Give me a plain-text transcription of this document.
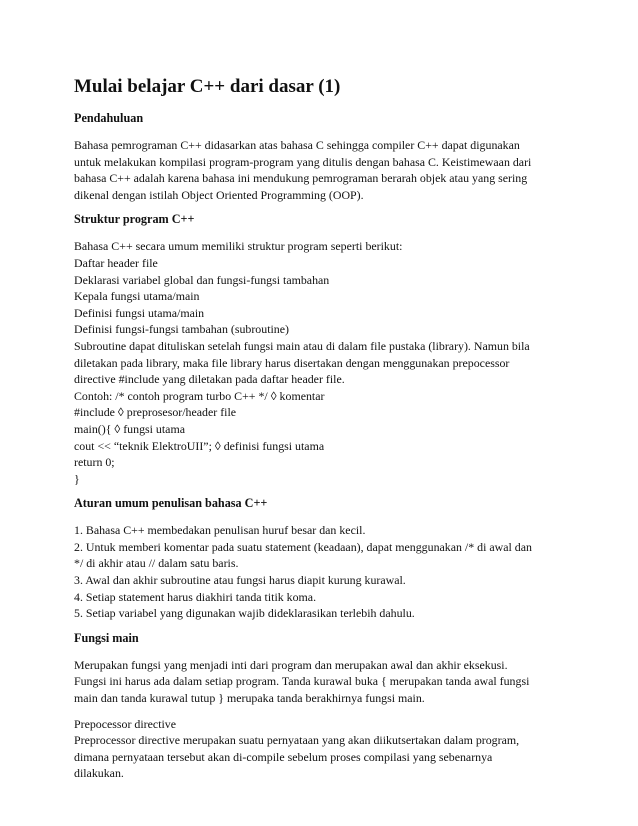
Mulai belajar C++ dari dasar (1)
Pendahuluan
Bahasa pemrograman C++ didasarkan atas bahasa C sehingga compiler C++ dapat digunakan
untuk melakukan kompilasi program-program yang ditulis dengan bahasa C. Keistimewaan dari
bahasa C++ adalah karena bahasa ini mendukung pemrograman berarah objek atau yang sering
dikenal dengan istilah Object Oriented Programming (OOP).
Struktur program C++
Bahasa C++ secara umum memiliki struktur program seperti berikut:
Daftar header file
Deklarasi variabel global dan fungsi-fungsi tambahan
Kepala fungsi utama/main
Definisi fungsi utama/main
Definisi fungsi-fungsi tambahan (subroutine)
Subroutine dapat dituliskan setelah fungsi main atau di dalam file pustaka (library). Namun bila
diletakan pada library, maka file library harus disertakan dengan menggunakan prepocessor
directive #include yang diletakan pada daftar header file.
Contoh: /* contoh program turbo C++ */ ◊ komentar
#include ◊ preprosesor/header file
main(){ ◊ fungsi utama
cout << “teknik ElektroUII”; ◊ definisi fungsi utama
return 0;
}
Aturan umum penulisan bahasa C++
1. Bahasa C++ membedakan penulisan huruf besar dan kecil.
2. Untuk memberi komentar pada suatu statement (keadaan), dapat menggunakan /* di awal dan
*/ di akhir atau // dalam satu baris.
3. Awal dan akhir subroutine atau fungsi harus diapit kurung kurawal.
4. Setiap statement harus diakhiri tanda titik koma.
5. Setiap variabel yang digunakan wajib dideklarasikan terlebih dahulu.
Fungsi main
Merupakan fungsi yang menjadi inti dari program dan merupakan awal dan akhir eksekusi.
Fungsi ini harus ada dalam setiap program. Tanda kurawal buka { merupakan tanda awal fungsi
main dan tanda kurawal tutup } merupaka tanda berakhirnya fungsi main.
Prepocessor directive
Preprocessor directive merupakan suatu pernyataan yang akan diikutsertakan dalam program,
dimana pernyataan tersebut akan di-compile sebelum proses compilasi yang sebenarnya
dilakukan.
